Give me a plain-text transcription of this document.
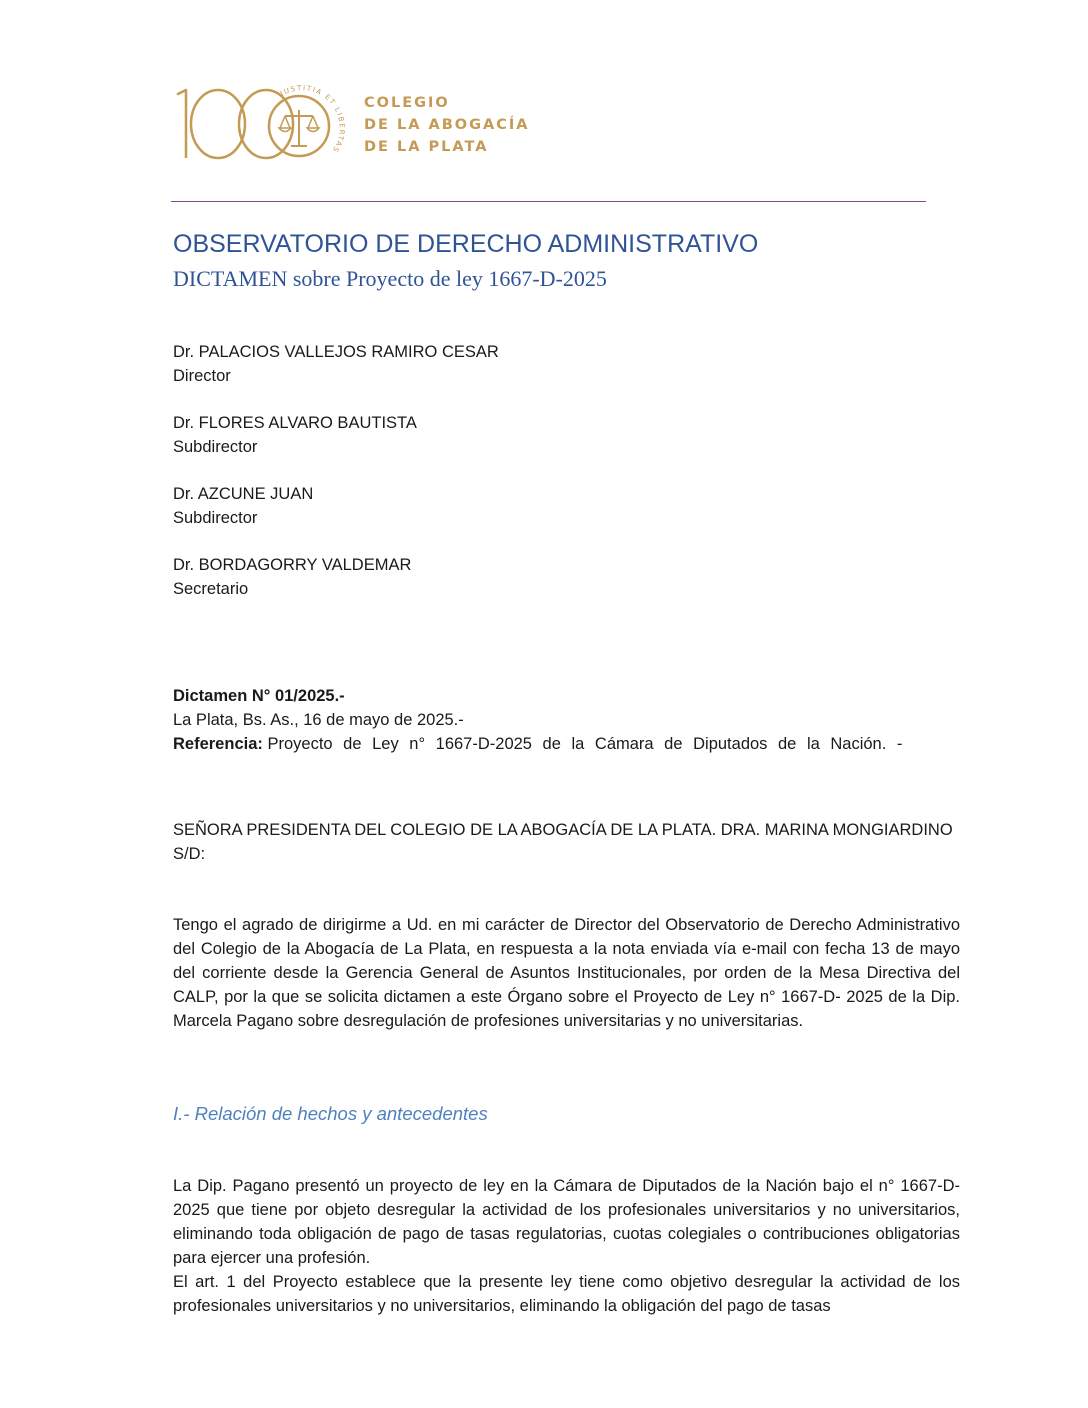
JUSTITIA ET LIBERTAS
COLEGIO
DE LA ABOGACÍA
DE LA PLATA
OBSERVATORIO DE DERECHO ADMINISTRATIVO
DICTAMEN sobre Proyecto de ley 1667-D-2025
Dr. PALACIOS VALLEJOS RAMIRO CESAR
Director
Dr. FLORES ALVARO BAUTISTA
Subdirector
Dr. AZCUNE JUAN
Subdirector
Dr. BORDAGORRY VALDEMAR
Secretario
Dictamen N° 01/2025.-
La Plata, Bs. As., 16 de mayo de 2025.-
Referencia: Proyecto de Ley n° 1667-D-2025 de la Cámara de Diputados de la Nación. -
SEÑORA PRESIDENTA DEL COLEGIO DE LA ABOGACÍA DE LA PLATA. DRA. MARINA MONGIARDINO
S/D:

Tengo el agrado de dirigirme a Ud. en mi carácter de Director del Observatorio de Derecho Administrativo del Colegio de la Abogacía de La Plata, en respuesta a la nota enviada vía e-mail con fecha 13 de mayo del corriente desde la Gerencia General de Asuntos Institucionales, por orden de la Mesa Directiva del CALP, por la que se solicita dictamen a este Órgano sobre el Proyecto de Ley n° 1667-D- 2025 de la Dip. Marcela Pagano sobre desregulación de profesiones universitarias y no universitarias.

I.- Relación de hechos y antecedentes

La Dip. Pagano presentó un proyecto de ley en la Cámara de Diputados de la Nación bajo el n° 1667-D-2025 que tiene por objeto desregular la actividad de los profesionales universitarios y no universitarios, eliminando toda obligación de pago de tasas regulatorias, cuotas colegiales o contribuciones obligatorias para ejercer una profesión.

El art. 1 del Proyecto establece que la presente ley tiene como objetivo desregular la actividad de los profesionales universitarios y no universitarios, eliminando la obligación del pago de tasas
